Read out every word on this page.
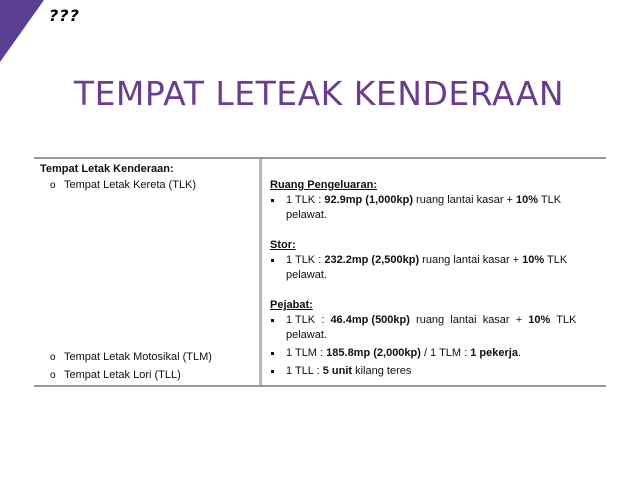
???
TEMPAT LETEAK KENDERAAN
Tempat Letak Kenderaan:
o Tempat Letak Kereta (TLK)
o Tempat Letak Motosikal (TLM)
o Tempat Letak Lori (TLL)
Ruang Pengeluaran:
1 TLK : 92.9mp (1,000kp) ruang lantai kasar + 10% TLK
pelawat.
Stor:
1 TLK : 232.2mp (2,500kp) ruang lantai kasar + 10% TLK
pelawat.
Pejabat:
1 TLK  :  46.4mp (500kp)  ruang  lantai  kasar  +  10%  TLK
pelawat.
1 TLM : 185.8mp (2,000kp) / 1 TLM : 1 pekerja.
1 TLL : 5 unit kilang teres
